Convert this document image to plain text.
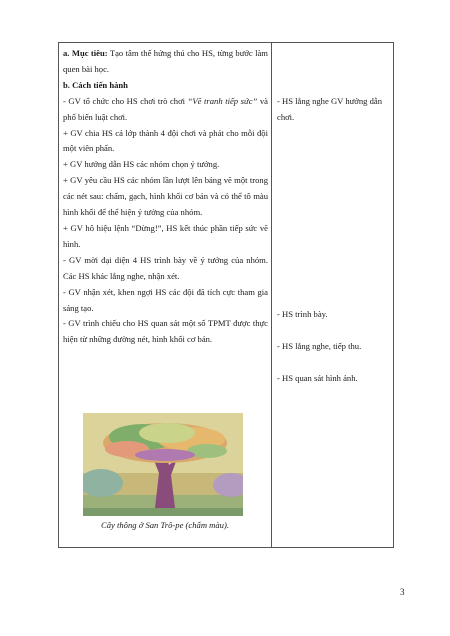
a. Mục tiêu: Tạo tâm thế hứng thú cho HS, từng bước làm quen bài học.

b. Cách tiến hành

- GV tổ chức cho HS chơi trò chơi “Vẽ tranh tiếp sức” và phổ biến luật chơi.

+ GV chia HS cả lớp thành 4 đội chơi và phát cho mỗi đội một viên phấn.

+ GV hướng dẫn HS các nhóm chọn ý tưởng.

+ GV yêu cầu HS các nhóm lần lượt lên bảng vẽ một trong các nét sau: chấm, gạch, hình khối cơ bản và có thể tô màu hình khối để thể hiện ý tưởng của nhóm.

+ GV hô hiệu lệnh “Dừng!”, HS kết thúc phần tiếp sức vẽ hình.

- GV mời đại diện 4 HS trình bày về ý tưởng của nhóm. Các HS khác lắng nghe, nhận xét.

- GV nhận xét, khen ngợi HS các đội đã tích cực tham gia sáng tạo.

- GV trình chiếu cho HS quan sát một số TPMT được thực hiện từ những đường nét, hình khối cơ bản.

Cây thông ở San Trô-pe (chấm màu).
- HS lắng nghe GV hướng dẫn chơi.
- HS trình bày.
- HS lắng nghe, tiếp thu.
- HS quan sát hình ảnh.
3
